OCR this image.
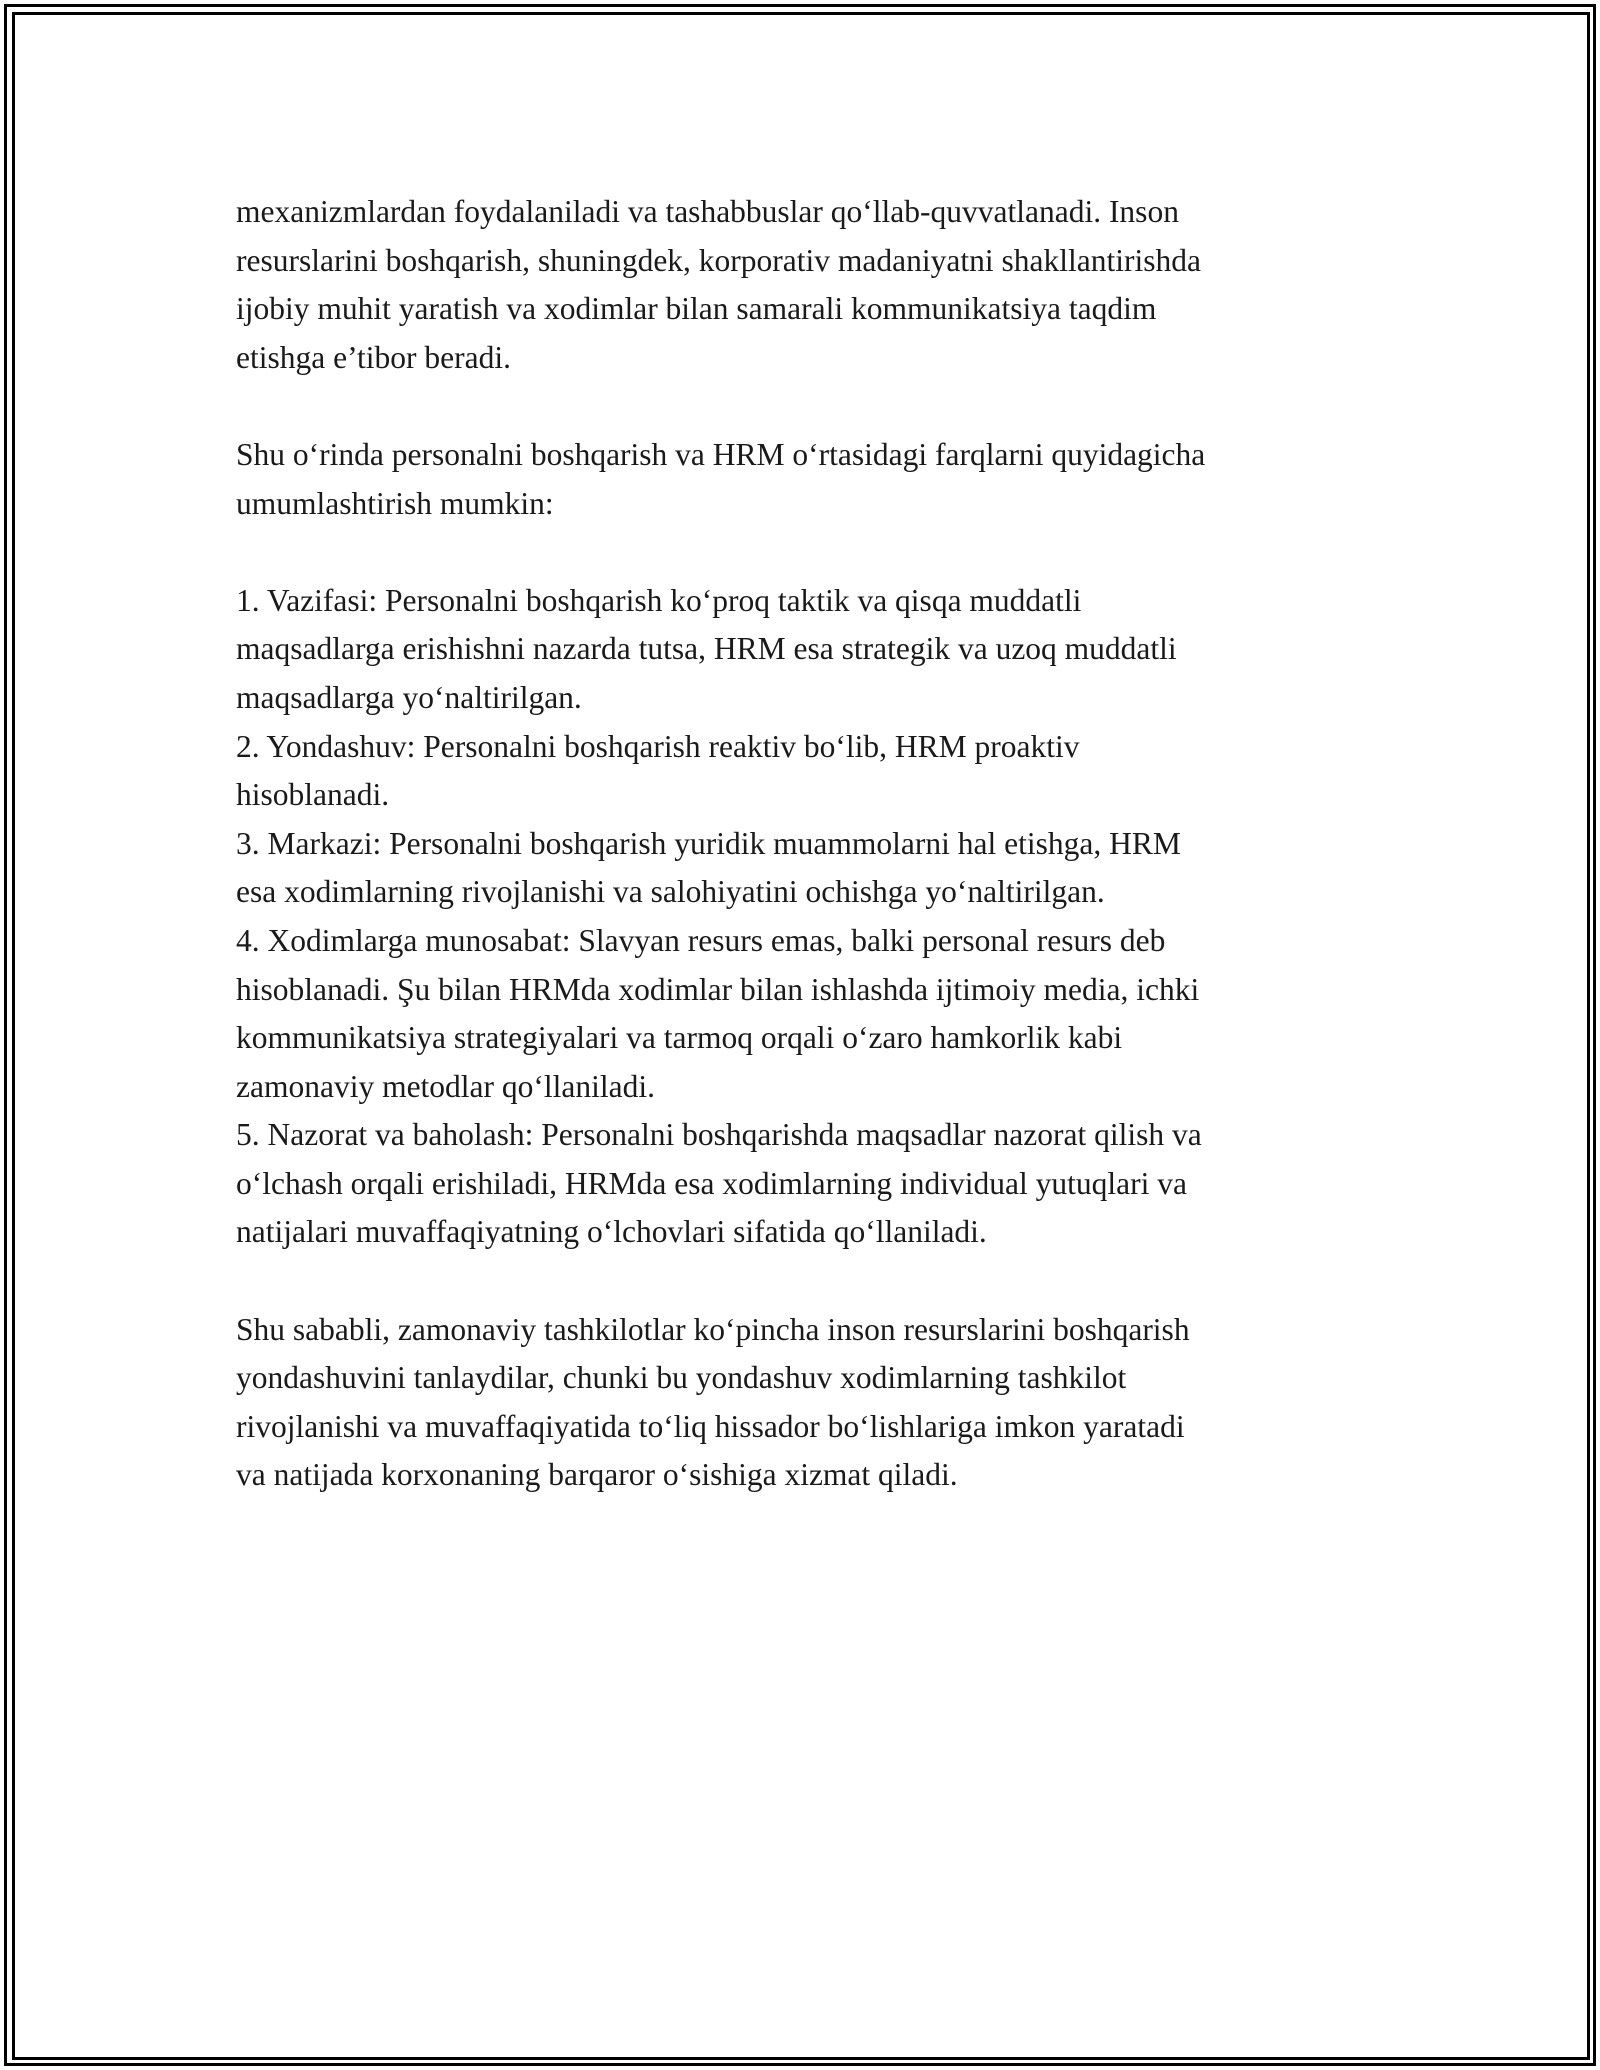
mexanizmlardan foydalaniladi va tashabbuslar qo‘llab-quvvatlanadi. Inson

resurslarini boshqarish, shuningdek, korporativ madaniyatni shakllantirishda

ijobiy muhit yaratish va xodimlar bilan samarali kommunikatsiya taqdim

etishga e’tibor beradi.

Shu o‘rinda personalni boshqarish va HRM o‘rtasidagi farqlarni quyidagicha

umumlashtirish mumkin:

1. Vazifasi: Personalni boshqarish ko‘proq taktik va qisqa muddatli

maqsadlarga erishishni nazarda tutsa, HRM esa strategik va uzoq muddatli

maqsadlarga yo‘naltirilgan.

2. Yondashuv: Personalni boshqarish reaktiv bo‘lib, HRM proaktiv

hisoblanadi.

3. Markazi: Personalni boshqarish yuridik muammolarni hal etishga, HRM

esa xodimlarning rivojlanishi va salohiyatini ochishga yo‘naltirilgan.

4. Xodimlarga munosabat: Slavyan resurs emas, balki personal resurs deb

hisoblanadi. Şu bilan HRMda xodimlar bilan ishlashda ijtimoiy media, ichki

kommunikatsiya strategiyalari va tarmoq orqali o‘zaro hamkorlik kabi

zamonaviy metodlar qo‘llaniladi.

5. Nazorat va baholash: Personalni boshqarishda maqsadlar nazorat qilish va

o‘lchash orqali erishiladi, HRMda esa xodimlarning individual yutuqlari va

natijalari muvaffaqiyatning o‘lchovlari sifatida qo‘llaniladi.

Shu sababli, zamonaviy tashkilotlar ko‘pincha inson resurslarini boshqarish

yondashuvini tanlaydilar, chunki bu yondashuv xodimlarning tashkilot

rivojlanishi va muvaffaqiyatida to‘liq hissador bo‘lishlariga imkon yaratadi

va natijada korxonaning barqaror o‘sishiga xizmat qiladi.
